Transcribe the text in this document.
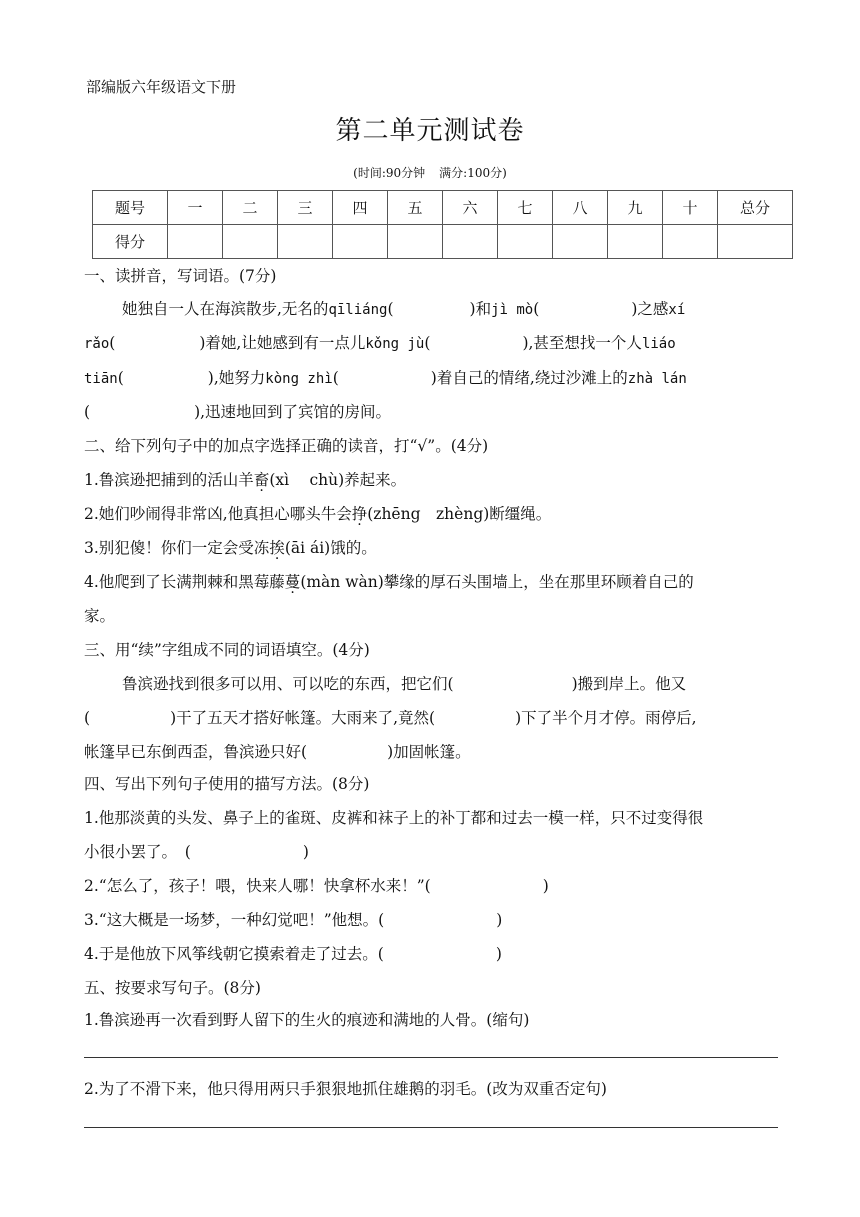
部编版六年级语文下册
第二单元测试卷
(时间:90分钟 满分:100分)
题号	一	二	三	四	五	六	七	八	九	十	总分
得分											
一、读拼音，写词语。(7分)
她独自一人在海滨散步,无名的qīliáng(	)和jì mò(	)之感xí
rǎo(	)着她,让她感到有一点儿kǒng jù(	),甚至想找一个人liáo
tiān(	),她努力kòng zhì(	)着自己的情绪,绕过沙滩上的zhà lán
(	),迅速地回到了宾馆的房间。
二、给下列句子中的加点字选择正确的读音，打“√”。(4分)
1.鲁滨逊把捕到的活山羊畜(xì　 chù)养起来。
2.她们吵闹得非常凶,他真担心哪头牛会挣(zhēng　zhèng)断缰绳。
3.别犯傻！你们一定会受冻挨(āi ái)饿的。
4.他爬到了长满荆棘和黑莓藤蔓(màn wàn)攀缘的厚石头围墙上，坐在那里环顾着自己的
家。
三、用“续”字组成不同的词语填空。(4分)
鲁滨逊找到很多可以用、可以吃的东西，把它们(	)搬到岸上。他又
(	)干了五天才搭好帐篷。大雨来了,竟然(	)下了半个月才停。雨停后,
帐篷早已东倒西歪，鲁滨逊只好(	)加固帐篷。
四、写出下列句子使用的描写方法。(8分)
1.他那淡黄的头发、鼻子上的雀斑、皮裤和袜子上的补丁都和过去一模一样，只不过变得很
小很小罢了。　(	)
2.“怎么了，孩子！喂，快来人哪！快拿杯水来！”(	)
3.“这大概是一场梦，一种幻觉吧！”他想。(	)
4.于是他放下风筝线朝它摸索着走了过去。(	)
五、按要求写句子。(8分)
1.鲁滨逊再一次看到野人留下的生火的痕迹和满地的人骨。(缩句)
2.为了不滑下来，他只得用两只手狠狠地抓住雄鹅的羽毛。(改为双重否定句)
